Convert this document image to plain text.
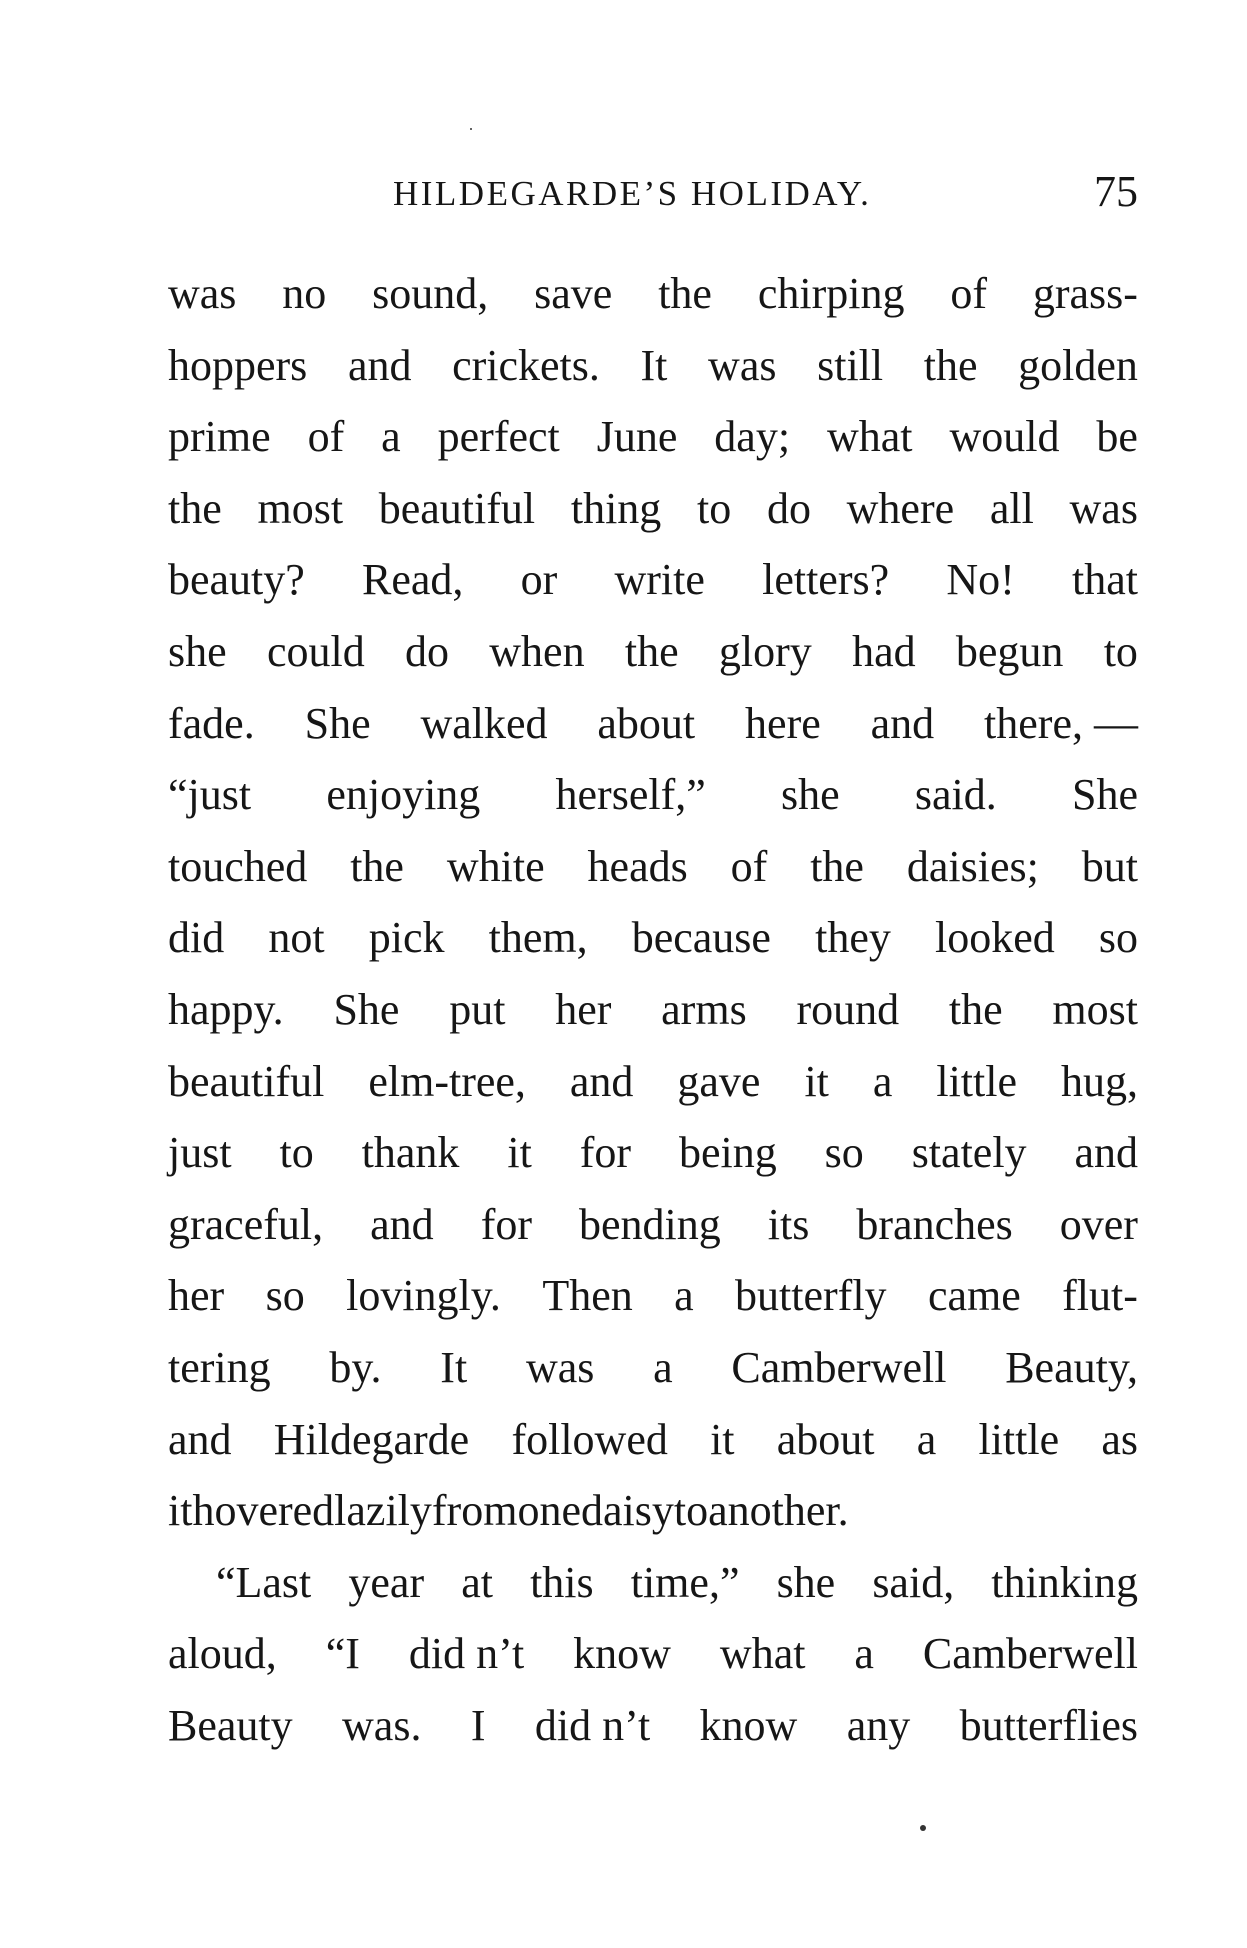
HILDEGARDE’S HOLIDAY.	75
was no sound, save the chirping of grass-
hoppers and crickets. It was still the golden
prime of a perfect June day; what would be
the most beautiful thing to do where all was
beauty? Read, or write letters? No! that
she could do when the glory had begun to
fade. She walked about here and there, —
“just enjoying herself,” she said. She
touched the white heads of the daisies; but
did not pick them, because they looked so
happy. She put her arms round the most
beautiful elm-tree, and gave it a little hug,
just to thank it for being so stately and
graceful, and for bending its branches over
her so lovingly. Then a butterfly came flut-
tering by. It was a Camberwell Beauty,
and Hildegarde followed it about a little as
it hovered lazily from one daisy to another.
“Last year at this time,” she said, thinking
aloud, “I did n’t know what a Camberwell
Beauty was. I did n’t know any butterflies
